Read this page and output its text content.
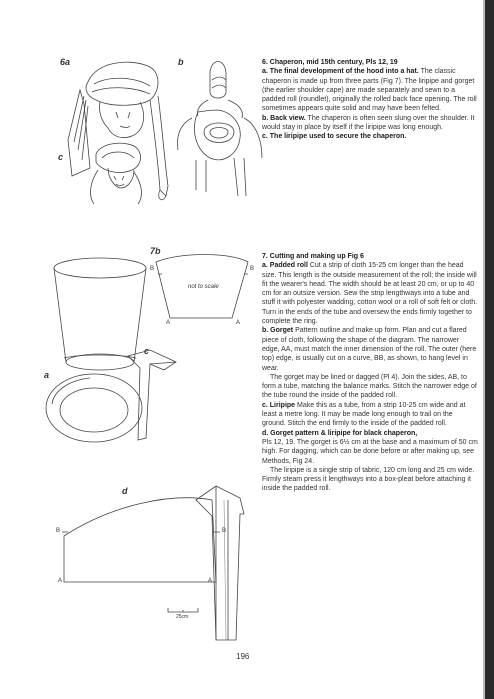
6a	b
c
7b
a
c
d
not to scale
B	B
A	A
B	B
A	A
25cm

6. Chaperon, mid 15th century, Pls 12, 19

a. The final development of the hood into a hat. The classic chaperon is made up from three parts (Fig 7). The liripipe and gorget (the earlier shoulder cape) are made separately and sewn to a padded roll (roundlet), originally the rolled back face opening. The roll sometimes appears quite solid and may have been felted.

b. Back view. The chaperon is often seen slung over the shoulder. It would stay in place by itself if the liripipe was long enough.

c. The liripipe used to secure the chaperon.

7. Cutting and making up Fig 6

a. Padded roll Cut a strip of cloth 15-25 cm longer than the head size. This length is the outside measurement of the roll; the inside will fit the wearer's head. The width should be at least 20 cm, or up to 40 cm for an outsize version. Sew the strip lengthways into a tube and stuff it with polyester wadding, cotton wool or a roll of soft felt or cloth. Turn in the ends of the tube and oversew the ends firmly together to complete the ring.

b. Gorget Pattern outline and make up form. Plan and cut a flared piece of cloth, following the shape of the diagram. The narrower edge, AA, must match the inner dimension of the roll. The outer (here top) edge, is usually cut on a curve, BB, as shown, to hang level in wear.

The gorget may be lined or dagged (Pl 4). Join the sides, AB, to form a tube, matching the balance marks. Stitch the narrower edge of the tube round the inside of the padded roll.

c. Liripipe Make this as a tube, from a strip 10-25 cm wide and at least a metre long. It may be made long enough to trail on the ground. Stitch the end firmly to the inside of the padded roll.

d. Gorget pattern & liripipe for black chaperon,

Pls 12, 19. The gorget is 6½ cm at the base and a maximum of 50 cm high. For dagging, which can be done before or after making up, see Methods, Fig 24.

The liripipe is a single strip of tabric, 120 cm long and 25 cm wide. Firmly steam press it lengthways into a box-pleat before attaching it inside the padded roll.

196
